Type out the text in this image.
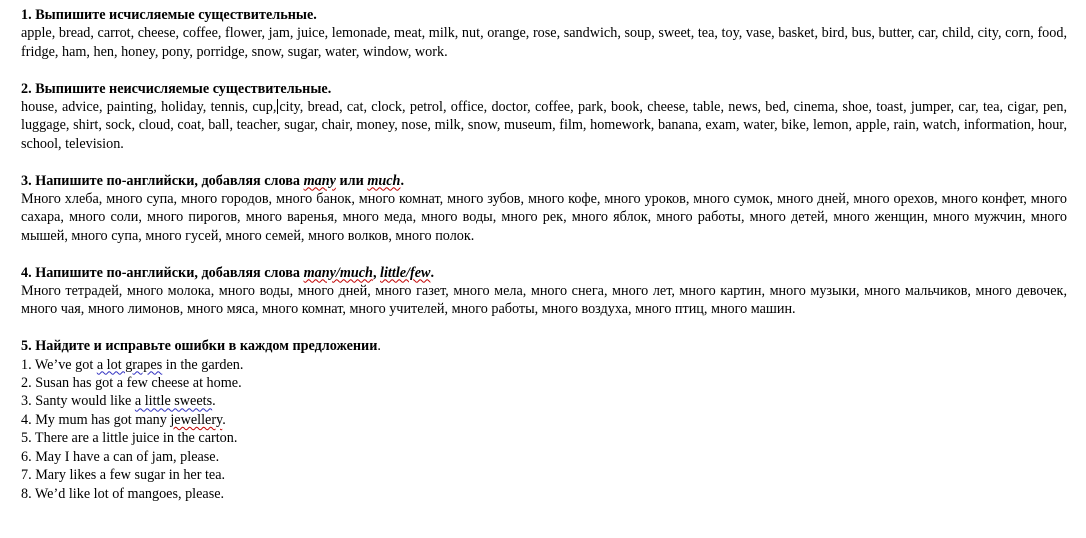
1. Выпишите исчисляемые существительные.
apple, bread, carrot, cheese, coffee, flower, jam, juice, lemonade, meat, milk, nut, orange, rose, sandwich, soup, sweet, tea, toy, vase, basket, bird, bus, butter, car, child, city, corn, food, fridge, ham, hen, honey, pony, porridge, snow, sugar, water, window, work.
2. Выпишите неисчисляемые существительные.
house, advice, painting, holiday, tennis, cup, city, bread, cat, clock, petrol, office, doctor, coffee, park, book, cheese, table, news, bed, cinema, shoe, toast, jumper, car, tea, cigar, pen, luggage, shirt, sock, cloud, coat, ball, teacher, sugar, chair, money, nose, milk, snow, museum, film, homework, banana, exam, water, bike, lemon, apple, rain, watch, information, hour, school, television.
3. Напишите по-английски, добавляя слова many или much.
Много хлеба, много супа, много городов, много банок, много комнат, много зубов, много кофе, много уроков, много сумок, много дней, много орехов, много конфет, много сахара, много соли, много пирогов, много варенья, много меда, много воды, много рек, много яблок, много работы, много детей, много женщин, много мужчин, много мышей, много супа, много гусей, много семей, много волков, много полок.
4. Напишите по-английски, добавляя слова many/much, little/few.
Много тетрадей, много молока, много воды, много дней, много газет, много мела, много снега, много лет, много картин, много музыки, много мальчиков, много девочек, много чая, много лимонов, много мяса, много комнат, много учителей, много работы, много воздуха, много птиц, много машин.
5. Найдите и исправьте ошибки в каждом предложении.
1. We’ve got a lot grapes in the garden.
2. Susan has got a few cheese at home.
3. Santy would like a little sweets.
4. My mum has got many jewellery.
5. There are a little juice in the carton.
6. May I have a can of jam, please.
7. Mary likes a few sugar in her tea.
8. We’d like lot of mangoes, please.
